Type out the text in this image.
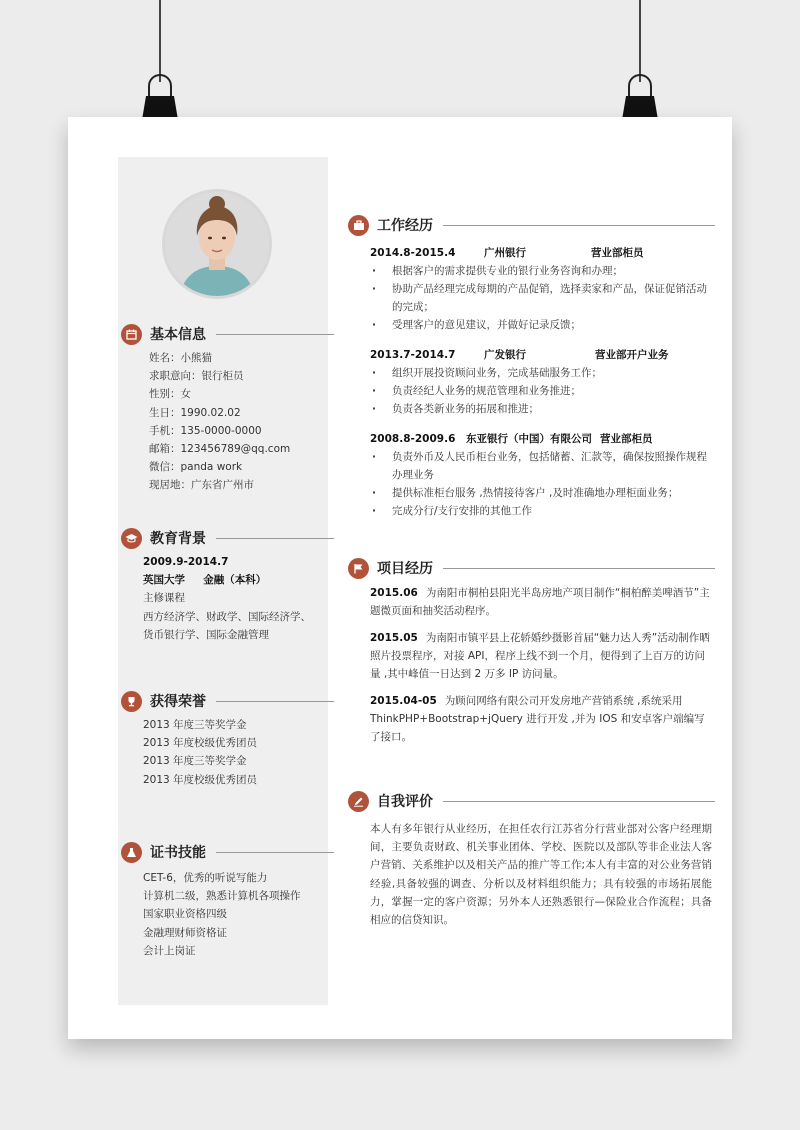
基本信息
姓名：小熊猫
求职意向：银行柜员
性别：女
生日：1990.02.02
手机：135-0000-0000
邮箱：123456789@qq.com
微信：panda work
现居地：广东省广州市
教育背景
2009.9-2014.7
英国大学     金融（本科）
主修课程
西方经济学、财政学、国际经济学、
货币银行学、国际金融管理
获得荣誉
2013 年度三等奖学金
2013 年度校级优秀团员
2013 年度三等奖学金
2013 年度校级优秀团员
证书技能
CET-6，优秀的听说写能力
计算机二级，熟悉计算机各项操作
国家职业资格四级
金融理财师资格证
会计上岗证
工作经历
2014.8-2015.4	广州银行	营业部柜员
· 根据客户的需求提供专业的银行业务咨询和办理；
· 协助产品经理完成每期的产品促销，选择卖家和产品，保证促销活动的完成；
· 受理客户的意见建议，并做好记录反馈；
2013.7-2014.7	广发银行	营业部开户业务
· 组织开展投资顾问业务，完成基础服务工作；
· 负责经纪人业务的规范管理和业务推进；
· 负责各类新业务的拓展和推进；
2008.8-2009.6	东亚银行（中国）有限公司 营业部柜员
· 负责外币及人民币柜台业务，包括储蓄、汇款等，确保按照操作规程办理业务
· 提供标准柜台服务 ,热情接待客户 ,及时准确地办理柜面业务；
· 完成分行/支行安排的其他工作
项目经历
2015.06 为南阳市桐柏县阳光半岛房地产项目制作“桐柏醉美啤酒节”主题微页面和抽奖活动程序。
2015.05 为南阳市镇平县上花轿婚纱摄影首届“魅力达人秀”活动制作晒照片投票程序，对接 API，程序上线不到一个月，便得到了上百万的访问量 ,其中峰值一日达到 2 万多 IP 访问量。
2015.04-05 为顾问网络有限公司开发房地产营销系统 ,系统采用 ThinkPHP+Bootstrap+jQuery 进行开发 ,并为 IOS 和安卓客户端编写了接口。
自我评价
本人有多年银行从业经历，在担任农行江苏省分行营业部对公客户经理期间，主要负责财政、机关事业团体、学校、医院以及部队等非企业法人客户营销、关系维护以及相关产品的推广等工作;本人有丰富的对公业务营销经验,具备较强的调查、分析以及材料组织能力；具有较强的市场拓展能力，掌握一定的客户资源；另外本人还熟悉银行—保险业合作流程；具备相应的信贷知识。
